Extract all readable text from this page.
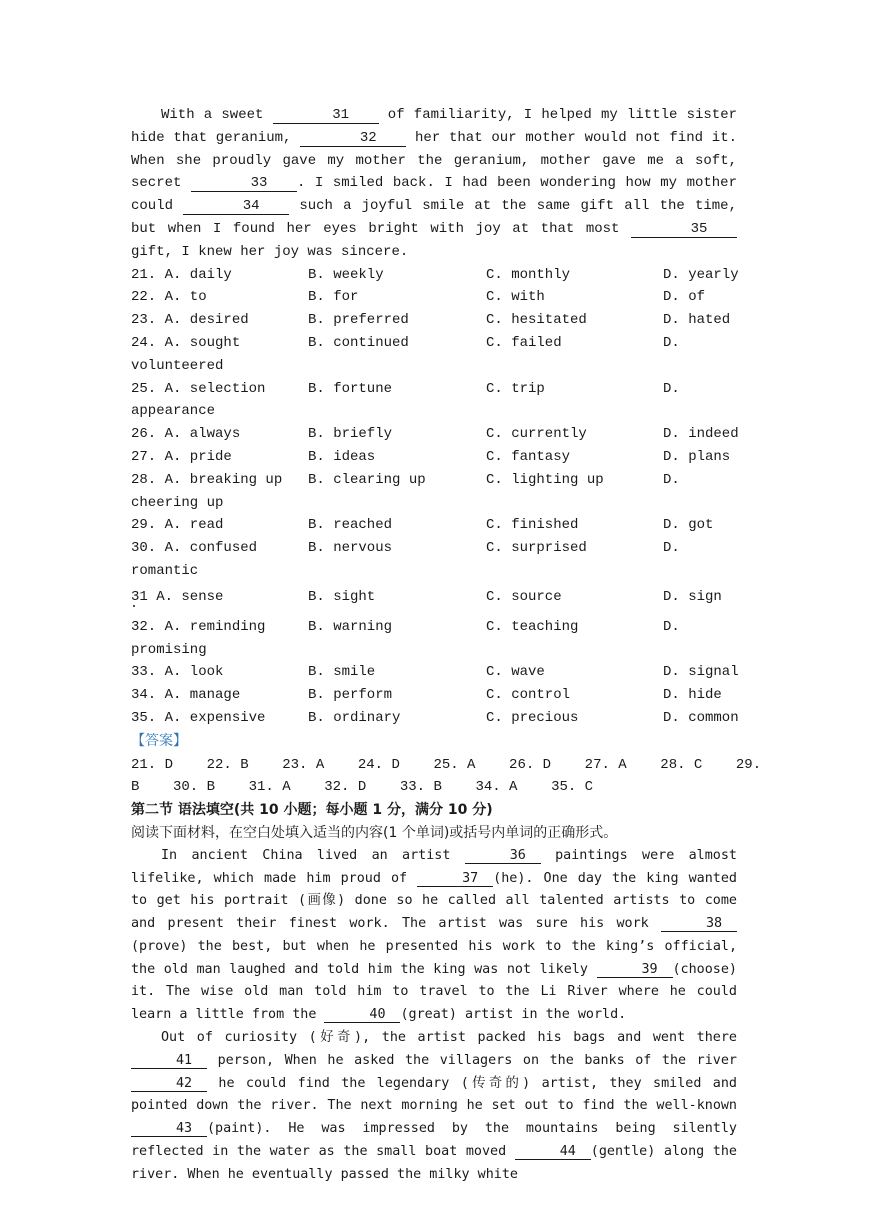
With a sweet	31 of familiarity, I helped my little sister hide that geranium,	32 her that our mother would not find it. When she proudly gave my mother the geranium, mother gave me a soft, secret	33 . I smiled back. I had been wondering how my mother could	34 such a joyful smile at the same gift all the time, but when I found her eyes bright with joy at that most	35 gift, I knew her joy was sincere.

21. A. daily	B. weekly	C. monthly	D. yearly
22. A. to	B. for	C. with	D. of
23. A. desired	B. preferred	C. hesitated	D. hated
24. A. sought	B. continued	C. failed	D.
volunteered
25. A. selection	B. fortune	C. trip	D.
appearance
26. A. always	B. briefly	C. currently	D. indeed
27. A. pride	B. ideas	C. fantasy	D. plans
28. A. breaking up B. clearing up	C. lighting up	D.
cheering up
29. A. read	B. reached	C. finished	D. got
30. A. confused	B. nervous	C. surprised	D.
romantic
31 A. sense	B. sight	C. source	D. sign
32. A. reminding	B. warning	C. teaching	D.
promising
33. A. look	B. smile	C. wave	D. signal
34. A. manage	B. perform	C. control	D. hide
35. A. expensive	B. ordinary	C. precious	D. common
【答案】21. D    22. B    23. A    24. D    25. A    26. D    27. A    28. C    29.
B    30. B    31. A    32. D    33. B    34. A    35. C
第二节 语法填空(共 10 小题；每小题 1 分，满分 10 分)
阅读下面材料，在空白处填入适当的内容(1 个单词)或括号内单词的正确形式。

In ancient China lived an artist	36 paintings were almost lifelike, which made him proud of	37 (he). One day the king wanted to get his portrait (画像) done so he called all talented artists to come and present their finest work. The artist was sure his work	38(prove) the best, but when he presented his work to the king’s official, the old man laughed and told him the king was not likely	39 (choose) it. The wise old man told him to travel to the Li River where he could learn a little from the	40 (great) artist in the world.

Out of curiosity (好奇), the artist packed his bags and went there 41 person, When he asked the villagers on the banks of the river 42 he could find the legendary (传奇的) artist, they smiled and pointed down the river. The next morning he set out to find the well-known 43 (paint). He was impressed by the mountains being silently reflected in the water as the small boat moved	44 (gentle) along the river. When he eventually passed the milky white
